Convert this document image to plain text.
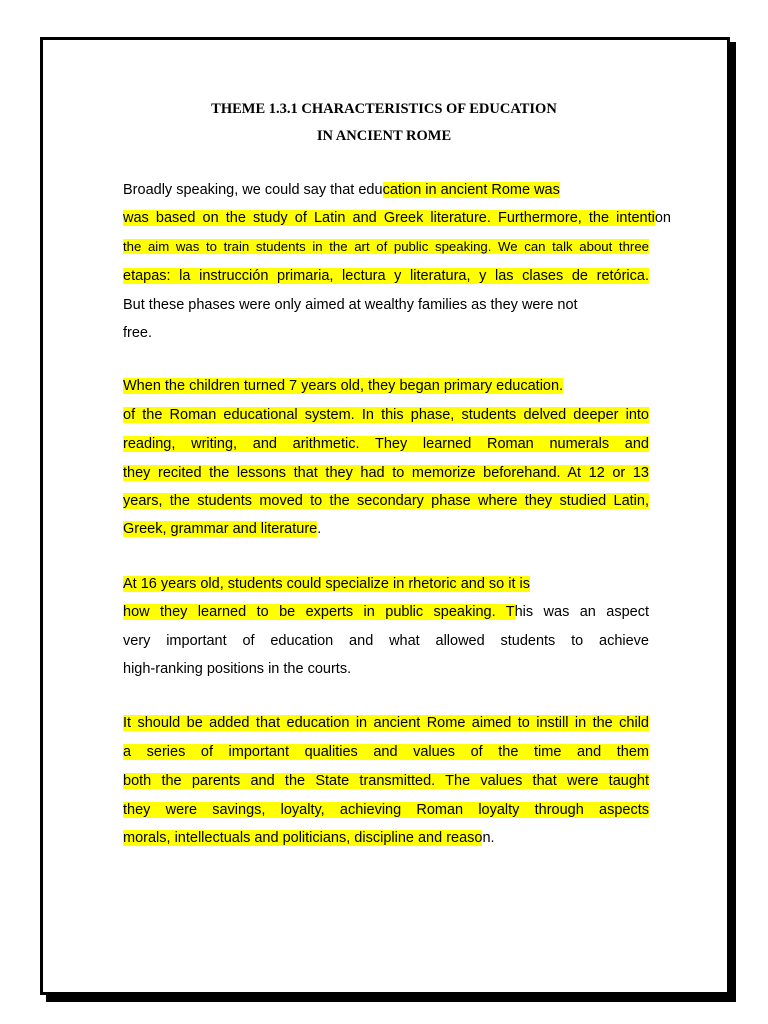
THEME 1.3.1 CHARACTERISTICS OF EDUCATION
IN ANCIENT ROME
Broadly speaking, we could say that education in ancient Rome was
was based on the study of Latin and Greek literature. Furthermore, the intention
the aim was to train students in the art of public speaking. We can talk about three
etapas: la instrucción primaria, lectura y literatura, y las clases de retórica.
But these phases were only aimed at wealthy families as they were not
free.
When the children turned 7 years old, they began primary education.
of the Roman educational system. In this phase, students delved deeper into
reading, writing, and arithmetic. They learned Roman numerals and
they recited the lessons that they had to memorize beforehand. At 12 or 13
years, the students moved to the secondary phase where they studied Latin,
Greek, grammar and literature.
At 16 years old, students could specialize in rhetoric and so it is
how they learned to be experts in public speaking. This was an aspect
very important of education and what allowed students to achieve
high-ranking positions in the courts.
It should be added that education in ancient Rome aimed to instill in the child
a series of important qualities and values of the time and them
both the parents and the State transmitted. The values that were taught
they were savings, loyalty, achieving Roman loyalty through aspects
morals, intellectuals and politicians, discipline and reason.
